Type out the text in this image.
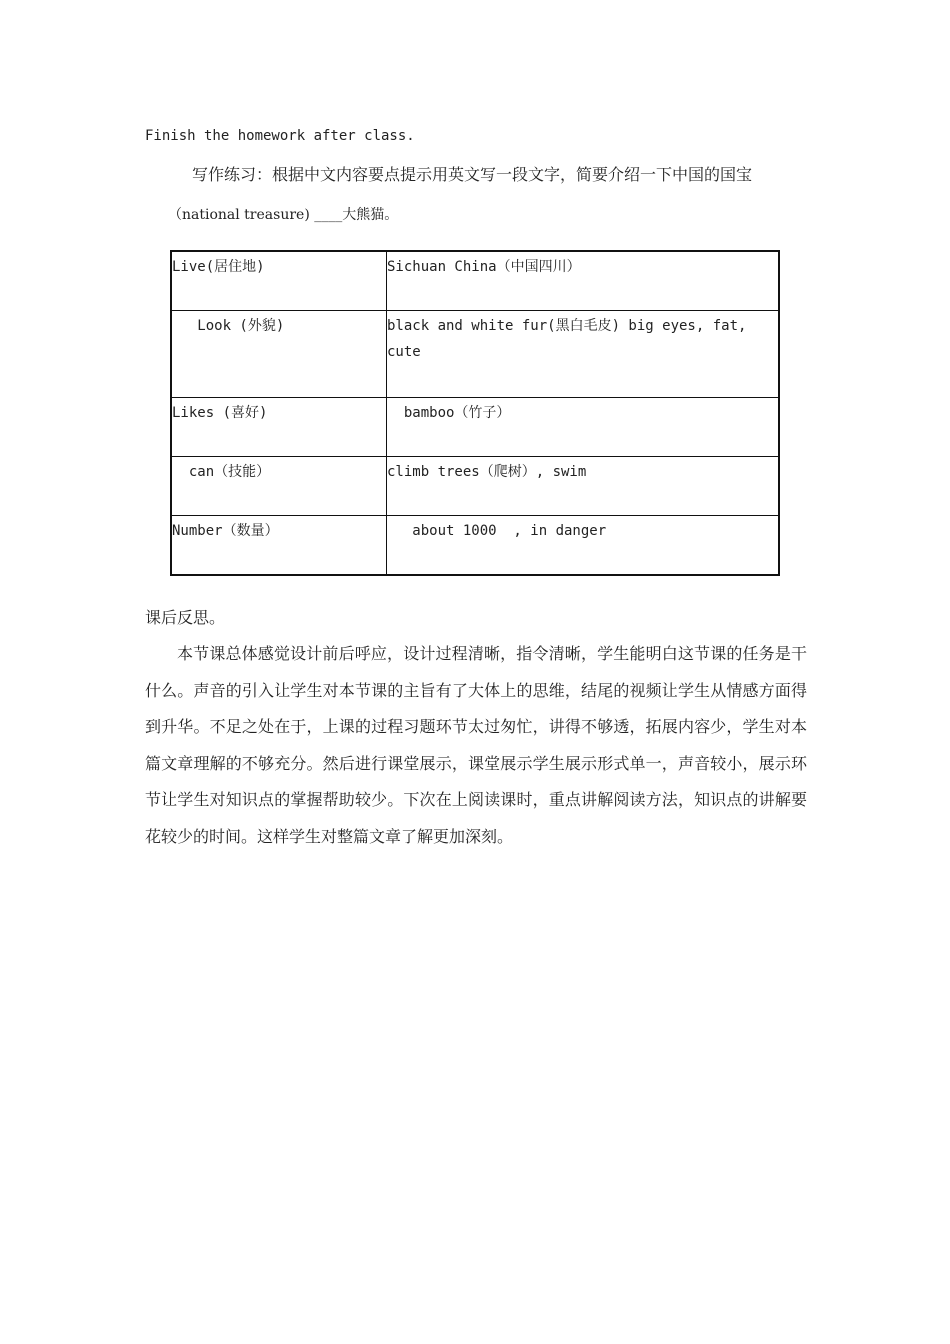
Finish the homework after class.
写作练习：根据中文内容要点提示用英文写一段文字，简要介绍一下中国的国宝
（national treasure) ____大熊猫。
Live(居住地)	Sichuan China（中国四川）
Look (外貌)	black and white fur(黑白毛皮) big eyes, fat, cute
Likes (喜好)	bamboo（竹子）
can（技能）	climb trees（爬树）, swim
Number（数量）	about 1000  , in danger
课后反思。
本节课总体感觉设计前后呼应，设计过程清晰，指令清晰，学生能明白这节课的任务是干什么。声音的引入让学生对本节课的主旨有了大体上的思维，结尾的视频让学生从情感方面得到升华。不足之处在于，上课的过程习题环节太过匆忙，讲得不够透，拓展内容少，学生对本篇文章理解的不够充分。然后进行课堂展示，课堂展示学生展示形式单一，声音较小，展示环节让学生对知识点的掌握帮助较少。下次在上阅读课时，重点讲解阅读方法，知识点的讲解要花较少的时间。这样学生对整篇文章了解更加深刻。
